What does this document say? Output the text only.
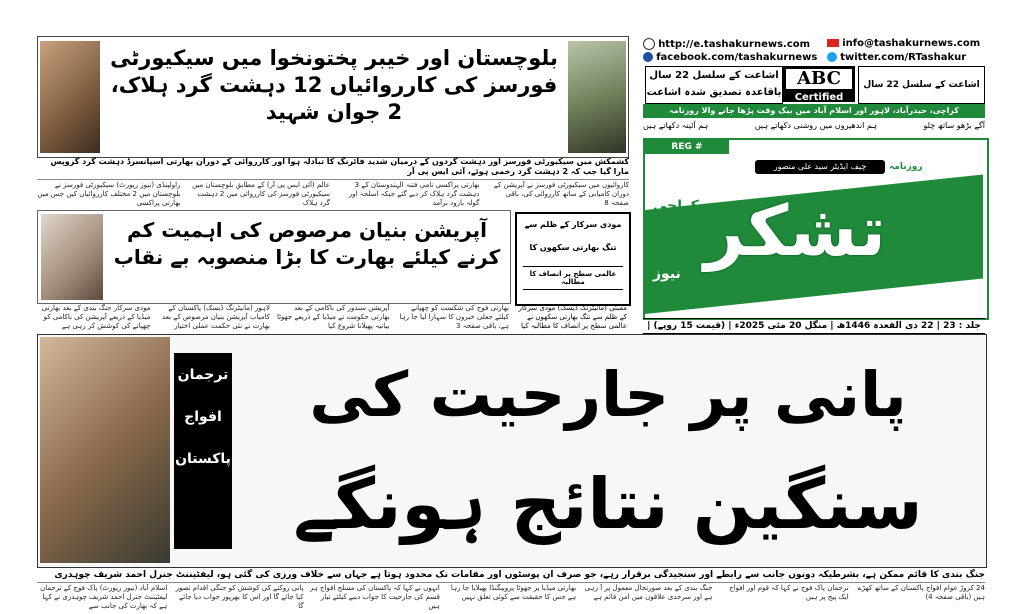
بلوچستان اور خیبر پختونخوا میں سیکیورٹی فورسز کی کارروائیاں 12 دہشت گرد ہلاک، 2 جوان شہید
کشمکش میں سیکیورٹی فورسز اور دہشت گردوں کے درمیان شدید فائرنگ کا تبادلہ ہوا اور کارروائی کے دوران بھارتی اسپانسرڈ دہشت گرد گروپس مارا گیا جب کہ 2 دہشت گرد زخمی ہوئے، آئی ایس پی آر
راولپنڈی (نیوز رپورٹ) سیکیورٹی فورسز نے بلوچستان میں 2 مختلف کارروائیاں کیں جس میں بھارتی پراکسی
عالم (آئی ایس پی آر) کے مطابق بلوچستان میں سیکیورٹی فورسز کی کارروائی میں 2 دہشت گرد ہلاک
بھارتی پراکسی نامی فتنہ الہندوستان کے 3 دہشت گرد ہلاک کر دیے گئے جبکہ اسلحہ اور گولہ بارود برآمد
کاروائیوں میں سیکیورٹی فورسز نے آپریشن کے دوران کامیابی کے ساتھ کارروائی کی، باقی صفحہ 8
آپریشن بنیان مرصوص کی اہمیت کم کرنے کیلئے بھارت کا بڑا منصوبہ بے نقاب
مودی سرکار جنگ بندی کے بعد بھارتی میڈیا کے ذریعے آپریشن کی ناکامی کو چھپانے کی کوشش کر رہی ہے
لاہور (مانیٹرنگ ڈیسک) پاکستان کے کامیاب آپریشن بنیان مرصوص کے بعد بھارت نے نئی حکمت عملی اختیار
آپریشن سندور کی ناکامی کے بعد بھارتی حکومت نے میڈیا کے ذریعے جھوٹا بیانیہ پھیلانا شروع کیا
بھارتی فوج کی شکست کو چھپانے کیلئے جعلی خبروں کا سہارا لیا جا رہا ہے، باقی صفحہ 3
مودی سرکار کے ظلم سے
تنگ بھارتی سکھوں کا
عالمی سطح پر انصاف کا مطالبہ
ممبئی (مانیٹرنگ ڈیسک) مودی سرکار کے ظلم سے تنگ بھارتی سکھوں نے عالمی سطح پر انصاف کا مطالبہ کیا
http://e.tashakurnews.com	info@tashakurnews.com
facebook.com/tashakurnews	twitter.com/RTashakur
ABC
Certified
اشاعت کے سلسل 22 سال باقاعدہ تصدیق شدہ اشاعت
اشاعت کے سلسل 22 سال
کراچی، حیدرآباد، لاہور اور اسلام آباد میں بیک وقت پڑھا جانے والا روزنامہ
آگے بڑھو ساتھ چلو
ہم اندھیروں میں روشنی دکھاتے ہیں
ہم آئینہ دکھاتے ہیں
REG # 12(2411)/22
چیف ایڈیٹر سید علی منصور	روزنامہ
تشکر
کراچی
نیوز
جلد : 23 | 22 ذی القعدہ 1446ھ | منگل 20 مئی 2025ء | (قیمت 15 روپے) |
ترجمان
افواج
پاکستان
پانی پر جارحیت کی
سنگین نتائج ہونگے
جنگ بندی کا قائم ممکن ہے، بشرطیکہ دونوں جانب سے رابطے اور سنجیدگی برقرار رہے، جو صرف ان پوسٹوں اور مقامات تک محدود ہوتا ہے جہاں سے خلاف ورزی کی گئی ہو، لیفٹیننٹ جنرل احمد شریف چوہدری
اسلام آباد (نیوز رپورٹ) پاک فوج کے ترجمان لیفٹیننٹ جنرل احمد شریف چوہدری نے کہا ہے کہ بھارت کی جانب سے
پانی روکنے کی کوشش کو جنگی اقدام تصور کیا جائے گا اور اس کا بھرپور جواب دیا جائے گا
انہوں نے کہا کہ پاکستان کی مسلح افواج ہر قسم کی جارحیت کا جواب دینے کیلئے تیار ہیں
بھارتی میڈیا پر جھوٹا پروپیگنڈا پھیلایا جا رہا ہے جس کا حقیقت سے کوئی تعلق نہیں
جنگ بندی کے بعد صورتحال معمول پر آ رہی ہے اور سرحدی علاقوں میں امن قائم ہے
ترجمان پاک فوج نے کہا کہ قوم اور افواج ایک پیج پر ہیں
24 کروڑ عوام افواج پاکستان کے ساتھ کھڑے ہیں (باقی صفحہ 4)
